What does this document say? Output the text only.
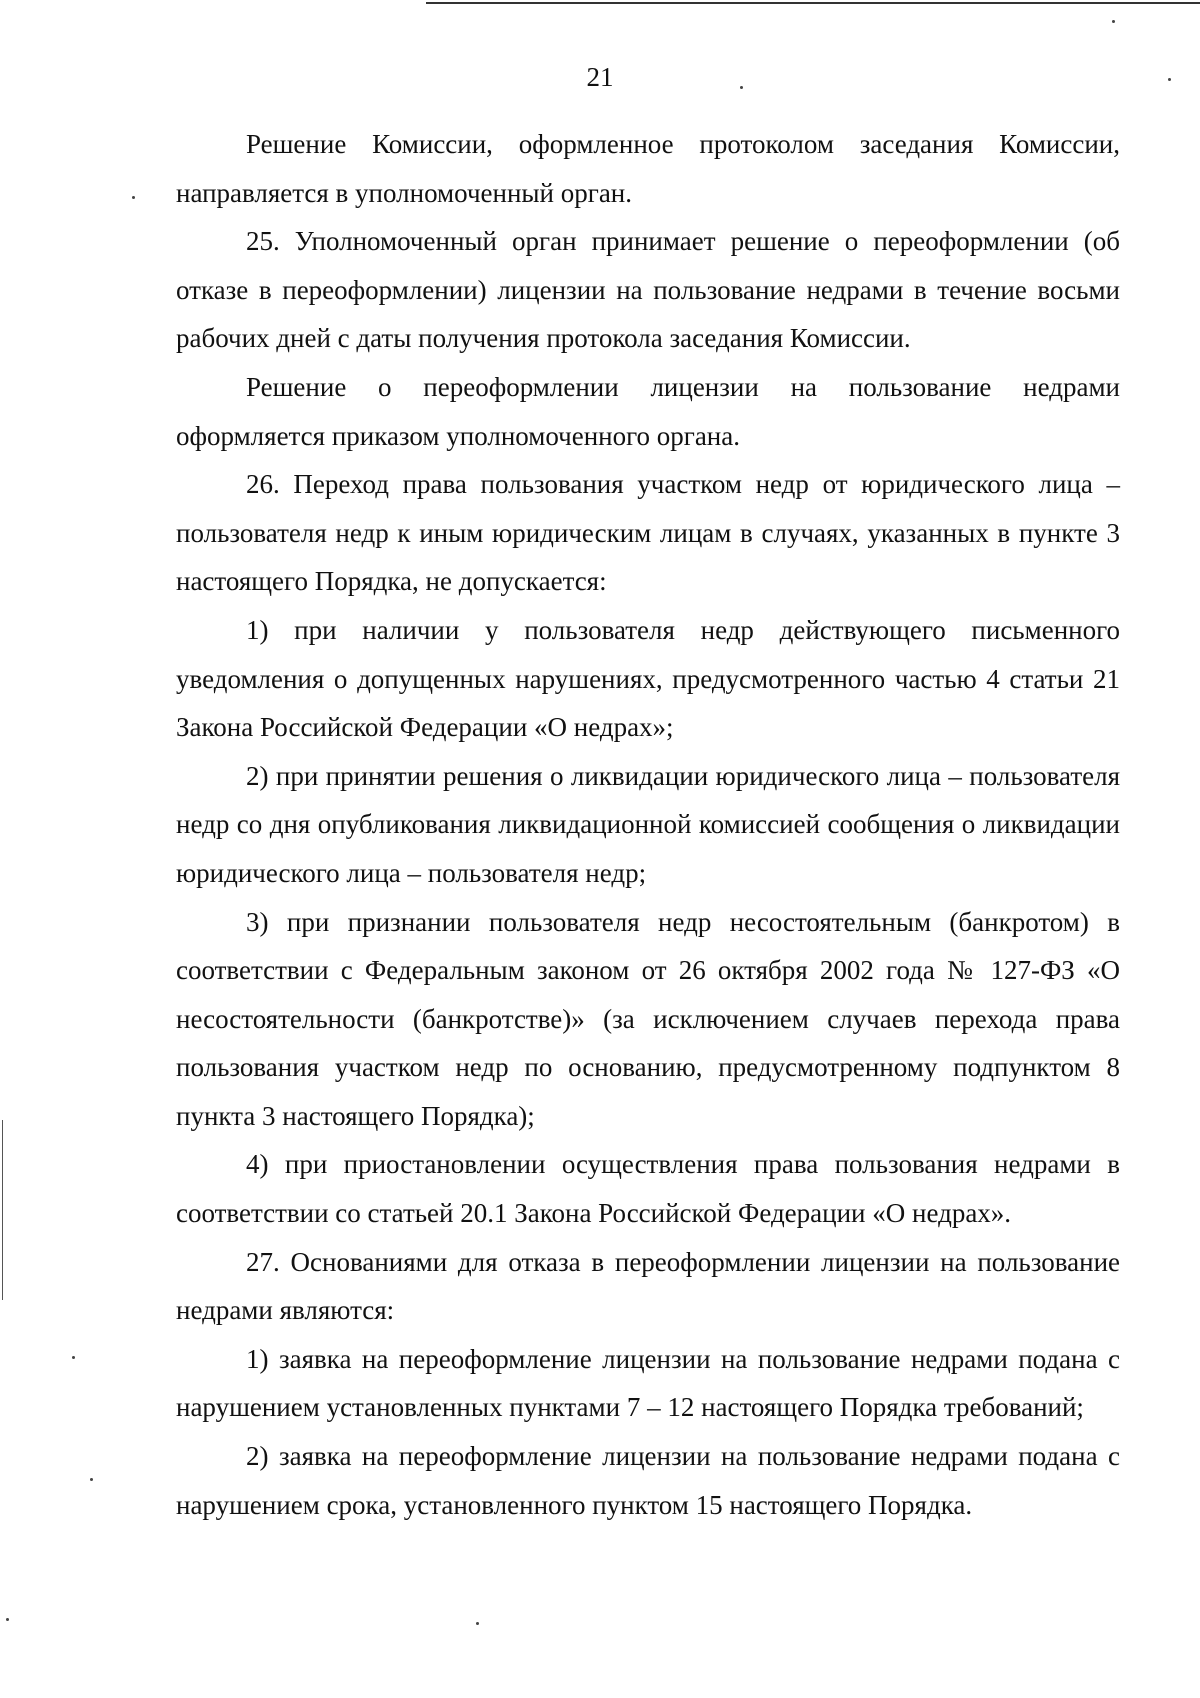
21

Решение Комиссии, оформленное протоколом заседания Комиссии, направляется в уполномоченный орган.

25. Уполномоченный орган принимает решение о переоформлении (об отказе в переоформлении) лицензии на пользование недрами в течение восьми рабочих дней с даты получения протокола заседания Комиссии.

Решение о переоформлении лицензии на пользование недрами оформляется приказом уполномоченного органа.

26. Переход права пользования участком недр от юридического лица – пользователя недр к иным юридическим лицам в случаях, указанных в пункте 3 настоящего Порядка, не допускается:

1) при наличии у пользователя недр действующего письменного уведомления о допущенных нарушениях, предусмотренного частью 4 статьи 21 Закона Российской Федерации «О недрах»;

2) при принятии решения о ликвидации юридического лица – пользователя недр со дня опубликования ликвидационной комиссией сообщения о ликвидации юридического лица – пользователя недр;

3) при признании пользователя недр несостоятельным (банкротом) в соответствии с Федеральным законом от 26 октября 2002 года № 127-ФЗ «О несостоятельности (банкротстве)» (за исключением случаев перехода права пользования участком недр по основанию, предусмотренному подпунктом 8 пункта 3 настоящего Порядка);

4) при приостановлении осуществления права пользования недрами в соответствии со статьей 20.1 Закона Российской Федерации «О недрах».

27. Основаниями для отказа в переоформлении лицензии на пользование недрами являются:

1) заявка на переоформление лицензии на пользование недрами подана с нарушением установленных пунктами 7 – 12 настоящего Порядка требований;

2) заявка на переоформление лицензии на пользование недрами подана с нарушением срока, установленного пунктом 15 настоящего Порядка.
